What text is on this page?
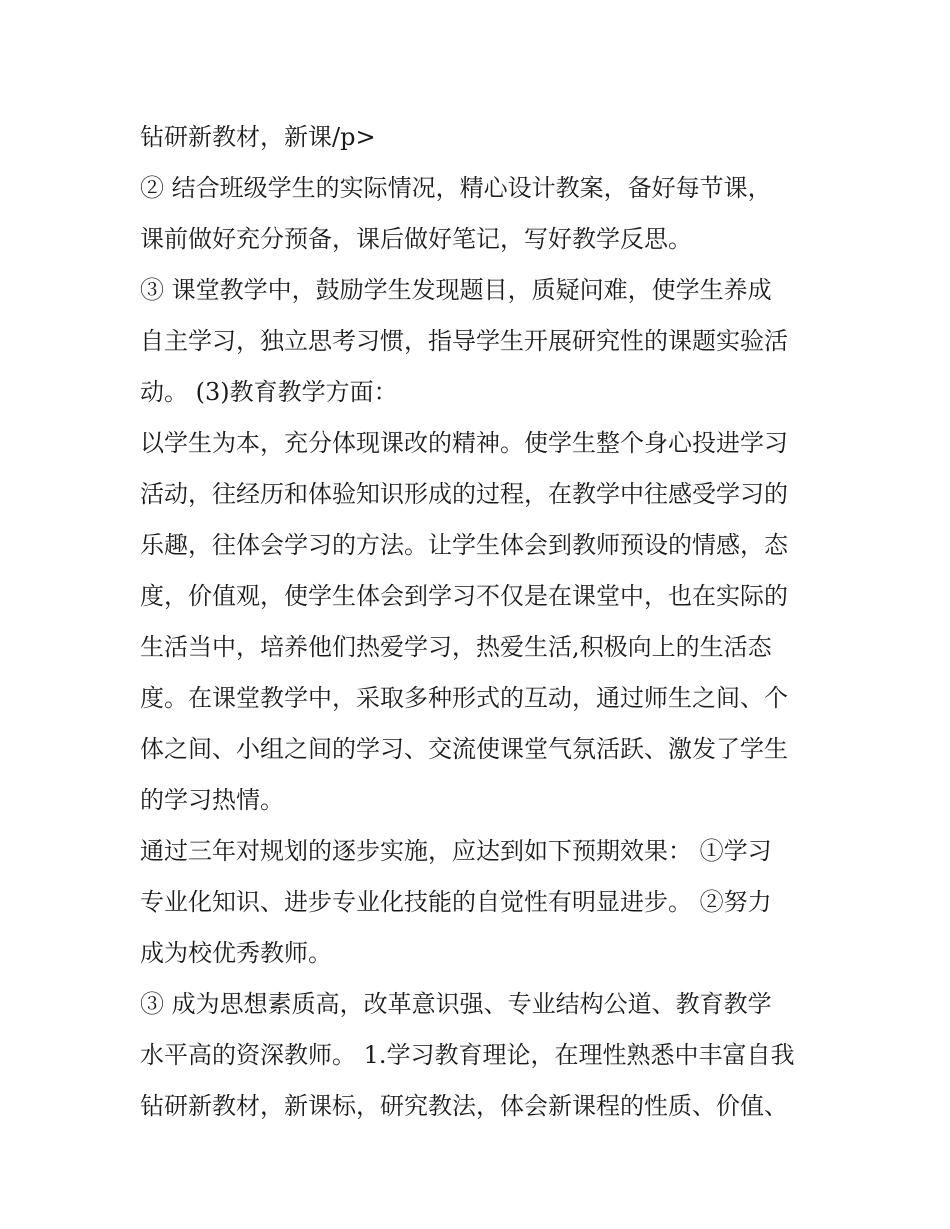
钻研新教材，新课/p>

② 结合班级学生的实际情况，精心设计教案，备好每节课，
课前做好充分预备，课后做好笔记，写好教学反思。

③ 课堂教学中，鼓励学生发现题目，质疑问难，使学生养成
自主学习，独立思考习惯，指导学生开展研究性的课题实验活
动。 (3)教育教学方面：

以学生为本，充分体现课改的精神。使学生整个身心投进学习
活动，往经历和体验知识形成的过程，在教学中往感受学习的
乐趣，往体会学习的方法。让学生体会到教师预设的情感，态
度，价值观，使学生体会到学习不仅是在课堂中，也在实际的
生活当中，培养他们热爱学习，热爱生活,积极向上的生活态
度。在课堂教学中，采取多种形式的互动，通过师生之间、个
体之间、小组之间的学习、交流使课堂气氛活跃、激发了学生
的学习热情。

通过三年对规划的逐步实施，应达到如下预期效果： ①学习
专业化知识、进步专业化技能的自觉性有明显进步。 ②努力
成为校优秀教师。

③ 成为思想素质高，改革意识强、专业结构公道、教育教学
水平高的资深教师。 1.学习教育理论，在理性熟悉中丰富自我
钻研新教材，新课标，研究教法，体会新课程的性质、价值、
